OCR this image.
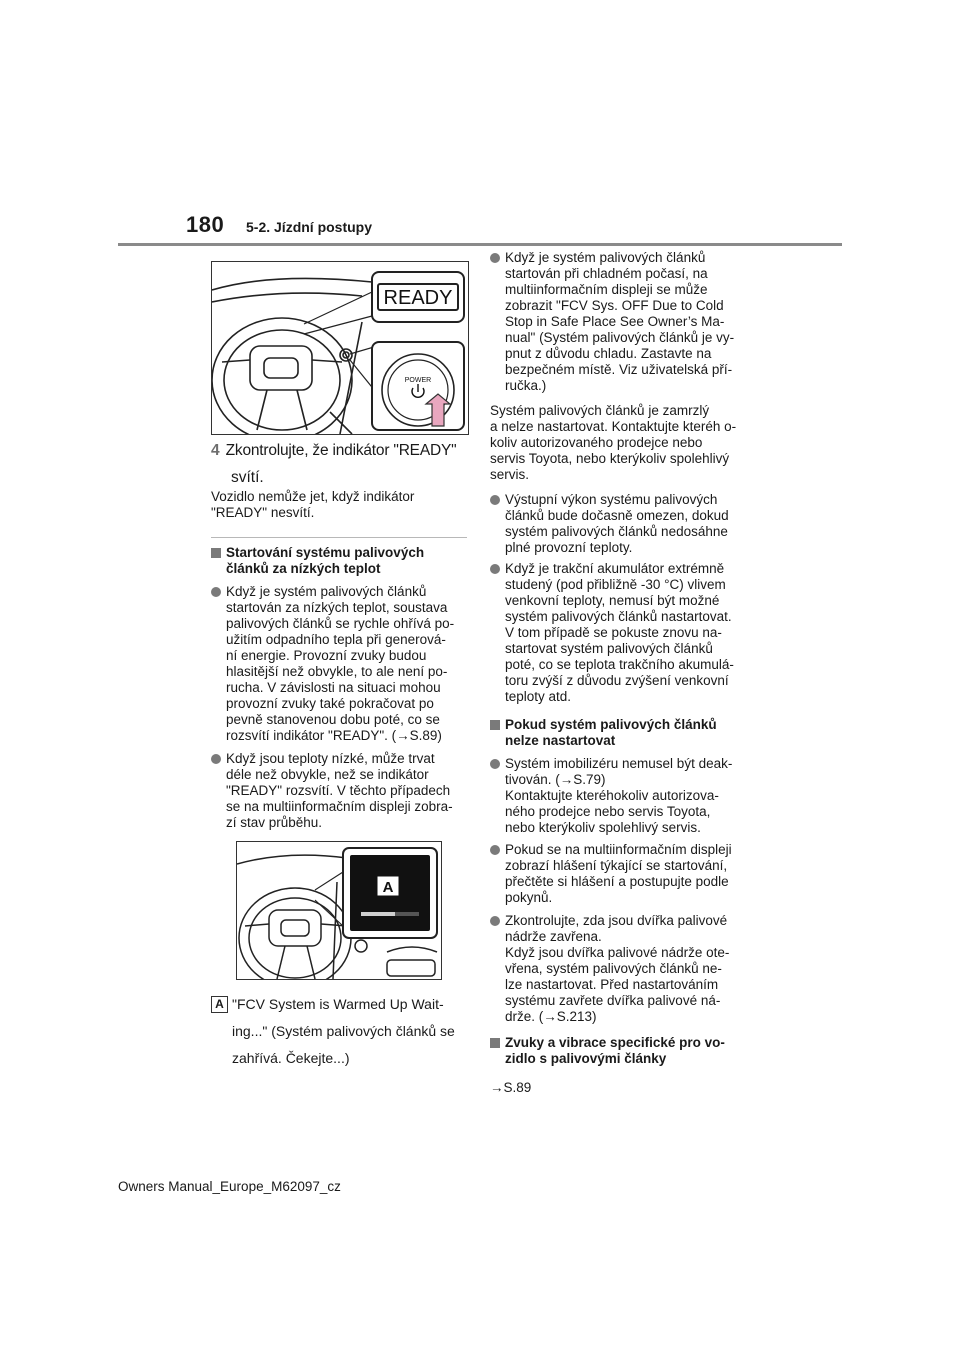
180 5-2. Jízdní postupy
READY
POWER
4 Zkontrolujte, že indikátor "READY"
svítí.
Vozidlo nemůže jet, když indikátor
"READY" nesvítí.
Startování systému palivových
článků za nízkých teplot
Když je systém palivových článků
startován za nízkých teplot, soustava
palivových článků se rychle ohřívá po-
užitím odpadního tepla při generová-
ní energie. Provozní zvuky budou
hlasitější než obvykle, to ale není po-
rucha. V závislosti na situaci mohou
provozní zvuky také pokračovat po
pevně stanovenou dobu poté, co se
rozsvítí indikátor "READY". (→S.89)
Když jsou teploty nízké, může trvat
déle než obvykle, než se indikátor
"READY" rozsvítí. V těchto případech
se na multiinformačním displeji zobra-
zí stav průběhu.
A
A "FCV System is Warmed Up Wait-
ing..." (Systém palivových článků se
zahřívá. Čekejte...)
Když je systém palivových článků
startován při chladném počasí, na
multiinformačním displeji se může
zobrazit "FCV Sys. OFF Due to Cold
Stop in Safe Place See Owner’s Ma-
nual" (Systém palivových článků je vy-
pnut z důvodu chladu. Zastavte na
bezpečném místě. Viz uživatelská pří-
ručka.)
Systém palivových článků je zamrzlý
a nelze nastartovat. Kontaktujte kteréh o-
koliv autorizovaného prodejce nebo
servis Toyota, nebo kterýkoliv spolehlivý
servis.
Výstupní výkon systému palivových
článků bude dočasně omezen, dokud
systém palivových článků nedosáhne
plné provozní teploty.
Když je trakční akumulátor extrémně
studený (pod přibližně -30 °C) vlivem
venkovní teploty, nemusí být možné
systém palivových článků nastartovat.
V tom případě se pokuste znovu na-
startovat systém palivových článků
poté, co se teplota trakčního akumulá-
toru zvýší z důvodu zvýšení venkovní
teploty atd.
Pokud systém palivových článků
nelze nastartovat
Systém imobilizéru nemusel být deak-
tivován. (→S.79)
Kontaktujte kteréhokoliv autorizova-
ného prodejce nebo servis Toyota,
nebo kterýkoliv spolehlivý servis.
Pokud se na multiinformačním displeji
zobrazí hlášení týkající se startování,
přečtěte si hlášení a postupujte podle
pokynů.
Zkontrolujte, zda jsou dvířka palivové
nádrže zavřena.
Když jsou dvířka palivové nádrže ote-
vřena, systém palivových článků ne-
lze nastartovat. Před nastartováním
systému zavřete dvířka palivové ná-
drže. (→S.213)
Zvuky a vibrace specifické pro vo-
zidlo s palivovými články
→S.89
Owners Manual_Europe_M62097_cz
